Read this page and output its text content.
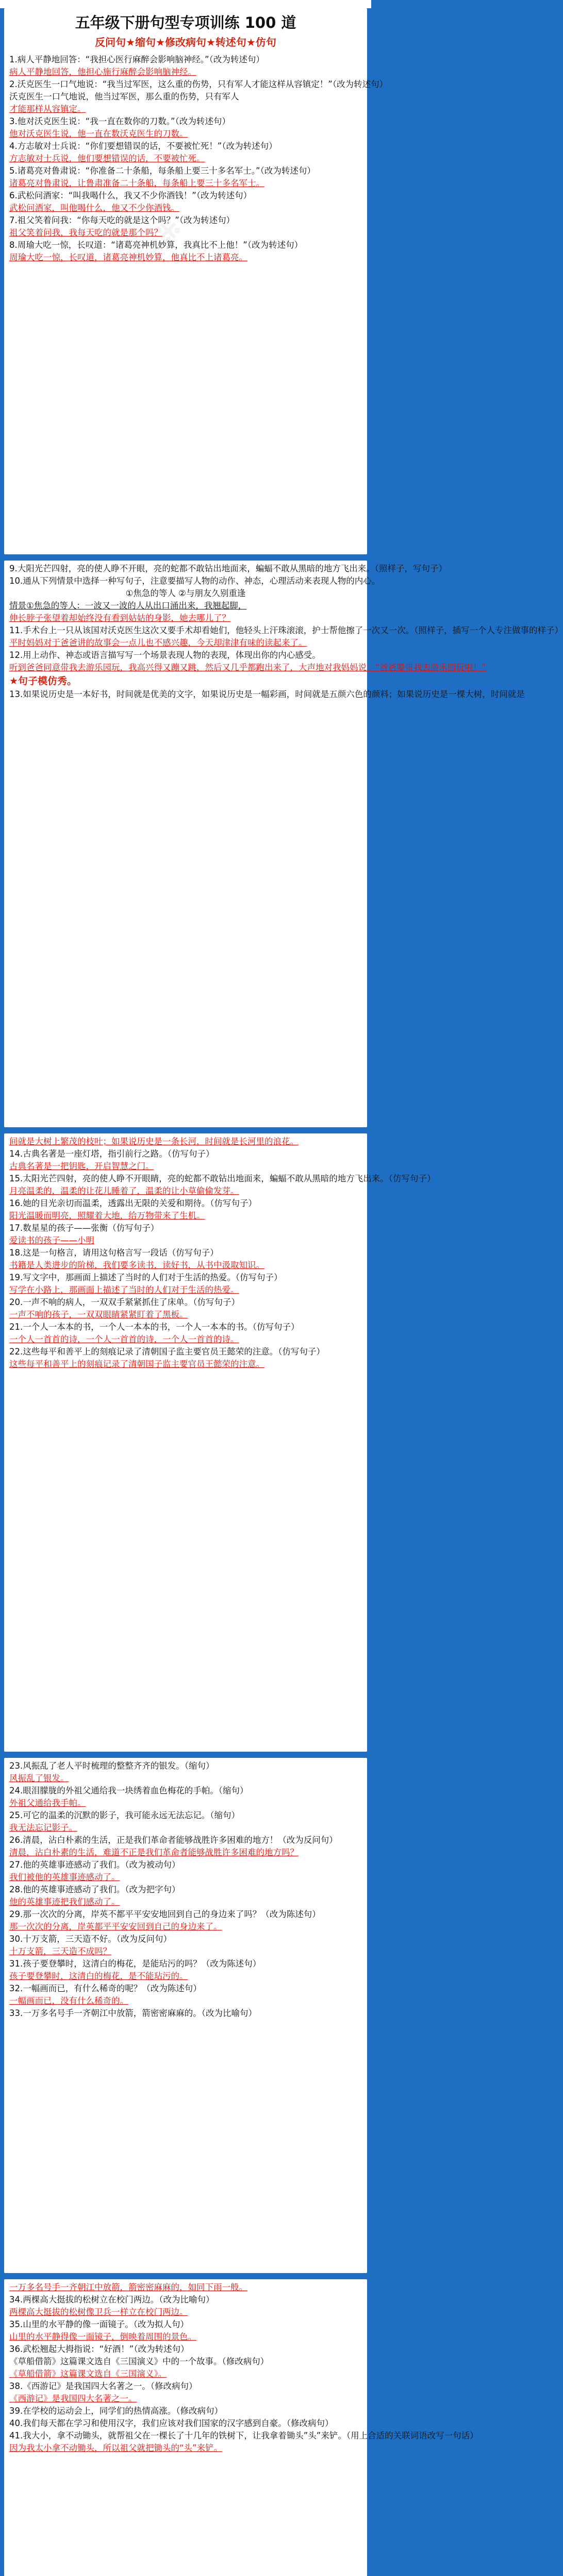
五年级下册句型专项训练 100 道
反问句★缩句★修改病句★转述句★仿句
1.病人平静地回答：“我担心医行麻醉会影响脑神经。”（改为转述句）
病人平静地回答，他担心施行麻醉会影响脑神经。
2.沃克医生一口气地说：“我当过军医，这么重的伤势，只有军人才能这样从容镇定！”（改为转述句）
沃克医生一口气地说，他当过军医，那么重的伤势，只有军人
才能那样从容镇定。
3.他对沃克医生说：“我一直在数你的刀数。”（改为转述句）
他对沃克医生说，他一直在数沃克医生的刀数。
4.方志敏对士兵说：“你们要想错误的话，不要被忙死！”（改为转述句）
方志敏对士兵说，他们要想错误的话，不要被忙死。
5.诸葛亮对鲁肃说：“你准备二十条船，每条船上要三十多名军士。”（改为转述句）
诸葛亮对鲁肃说，让鲁肃准备二十条船，每条船上要三十多名军士。
6.武松问酒家：“叫我喝什么，我又不少你酒钱！”（改为转述句）
武松问酒家，叫他喝什么，他又不少你酒钱。
7.祖父笑着问我：“你每天吃的就是这个吗？”（改为转述句）
祖父笑着问我，我每天吃的就是那个吗？
8.周瑜大吃一惊，长叹道：“诸葛亮神机妙算，我真比不上他！”（改为转述句）
周瑜大吃一惊，长叹道，诸葛亮神机妙算，他真比不上诸葛亮。
9.大阳光芒四射，亮的使人睁不开眼，亮的蛇都不敢钻出地面来，蝙蝠不敢从黑暗的地方飞出来。（照样子，写句子）
10.通从下列情景中选择一种写句子，注意要描写人物的动作、神态，心理活动来表现人物的内心。
①焦急的等人 ②与朋友久别重逢
情景①焦急的等人：一波又一波的人从出口涌出来，我翘起脚，
伸长脖子张望着却始终没有看到姑姑的身影，她去哪儿了？
11.手术台上一只从该国对沃克医生这次又要手术却看她们，他轻头上汗珠滚滚，护士帮他擦了一次又一次。（照样子，插写一个人专注做事的样子）
平时妈妈对于爸爸讲的故事会一点儿也不感兴趣，今天却津津有味的读起来了。
12.用上动作、神态或语言描写写一个场景表现人物的表现，体现出你的内心感受。
听到爸爸同意带我去游乐园玩，我高兴得又蹦又跳，然后又几乎都跑出来了，大声地对我妈妈说：“爸爸要带我去游乐园玩啦！”
★句子模仿秀。
13.如果说历史是一本好书，时间就是优美的文字，如果说历史是一幅彩画，时间就是五颜六色的颜料；如果说历史是一棵大树，时间就是
间就是大树上繁茂的枝叶；如果说历史是一条长河，时间就是长河里的浪花。
14.古典名著是一座灯塔，指引前行之路。（仿写句子）
古典名著是一把钥匙，开启智慧之门。
15.太阳光芒四射，亮的使人睁不开眼睛，亮的蛇都不敢钻出地面来，蝙蝠不敢从黑暗的地方飞出来。（仿写句子）
月亮温柔的，温柔的让花儿睡着了，温柔的让小草偷偷发芽。
16.她的目光亲切而温柔，透露出无限的关爱和期待。（仿写句子）
阳光温暖而明亮，照耀着大地，给万物带来了生机。
17.数星星的孩子——张衡（仿写句子）
爱读书的孩子——小明
18.这是一句格言，请用这句格言写一段话（仿写句子）
书籍是人类进步的阶梯，我们要多读书，读好书，从书中汲取知识。
19.写文字中，那画面上描述了当时的人们对于生活的热爱。（仿写句子）
写学在小路上，那画面上描述了当时的人们对于生活的热爱。
20.一声不响的病人，一双双手紧紧抓住了床单。（仿写句子）
一声不响的孩子，一双双眼睛紧紧盯着了黑板。
21.一个人一本本的书，一个人一本本的书，一个人一本本的书。（仿写句子）
一个人一首首的诗，一个人一首首的诗，一个人一首首的诗。
22.这些每平和善平上的刻痕记录了清朝国子监主要官员王懿荣的注意。（仿写句子）
这些每平和善平上的刻痕记录了清朝国子监主要官员王懿荣的注意。
23.风振乱了老人平时梳理的整整齐齐的银发。（缩句）
风振乱了银发。
24.眼泪朦胧的外祖父通给我一块绣着血色梅花的手帕。（缩句）
外祖父通给我手帕。
25.可它的温柔的沉默的影子，我可能永远无法忘记。（缩句）
我无法忘记影子。
26.清晨，沾白朴素的生活，正是我们革命者能够战胜许多困难的地方！（改为反问句）
清晨，沾白朴素的生活，难道不正是我们革命者能够战胜许多困难的地方吗？
27.他的英雄事迹感动了我们。（改为被动句）
我们被他的英雄事迹感动了。
28.他的英雄事迹感动了我们。（改为把字句）
他的英雄事迹把我们感动了。
29.那一次次的分离，岸英不都平平安安地回到自己的身边来了吗？（改为陈述句）
那一次次的分离，岸英都平平安安回到自己的身边来了。
30.十万支箭，三天造不好。（改为反问句）
十万支箭，三天造不成吗？
31.孩子要登攀时，这清白的梅花，是能玷污的吗？（改为陈述句）
孩子要登攀时，这清白的梅花，是不能玷污的。
32.一幅画而已，有什么稀奇的呢？（改为陈述句）
一幅画而已，没有什么稀奇的。
33.一万多名号手一齐朝江中放箭，箭密密麻麻的。（改为比喻句）
一万多名号手一齐朝江中放箭，箭密密麻麻的，如同下雨一般。
34.两棵高大挺拔的松树立在校门两边。（改为比喻句）
两棵高大挺拔的松树像卫兵一样立在校门两边。
35.山里的水平静的像一面镜子。（改为拟人句）
山里的水平静得像一面镜子，倒映着周围的景色。
36.武松翘起大拇指说：“好酒！”（改为转述句）
《草船借箭》这篇课文选自《三国演义》中的一个故事。（修改病句）
《草船借箭》这篇课文选自《三国演义》。
38.《西游记》是我国四大名著之一。（修改病句）
《西游记》是我国四大名著之一。
39.在学校的运动会上，同学们的热情高涨。（修改病句）
40.我们每天都在学习和使用汉字，我们应该对我们国家的汉字感到自豪。（修改病句）
41.我大小，拿不动锄头，就帮祖父在一棵长了十几年的铁树下，让我拿着锄头”头”来铲。（用上合适的关联词语改写一句话）
因为我太小拿不动锄头，所以祖父就把锄头的“头”来铲。
